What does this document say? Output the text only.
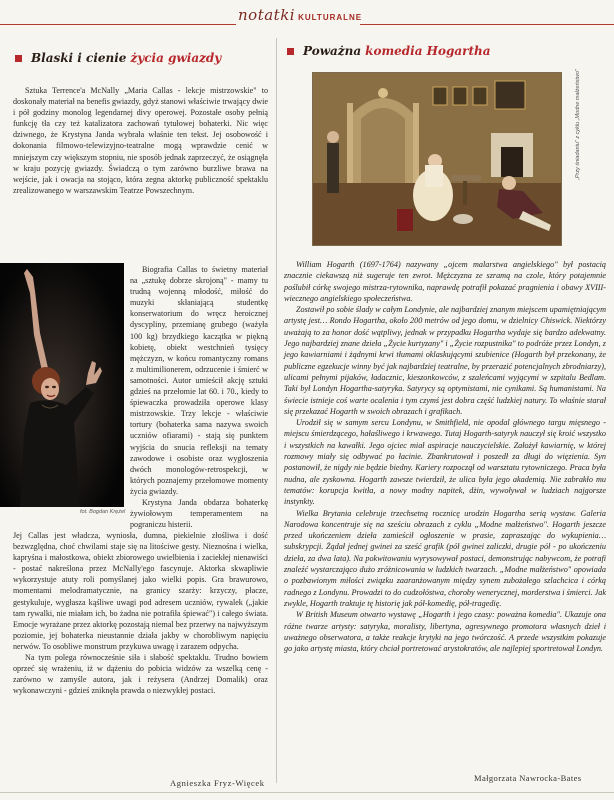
notatki KULTURALNE
Blaski i cienie życia gwiazdy

Sztuka Terrence'a McNally „Maria Callas - lekcje mistrzowskie" to doskonały materiał na benefis gwiazdy, gdyż stanowi właściwie trwający dwie i pół godziny monolog legendarnej divy operowej. Pozostałe osoby pełnią funkcję tła czy też katalizatora zachowań tytułowej bohaterki. Nic więc dziwnego, że Krystyna Janda wybrała właśnie ten tekst. Jej osobowość i dokonania filmowo-telewizyjno-teatralne mogą wprawdzie cenić w mniejszym czy większym stopniu, nie sposób jednak zaprzeczyć, że osiągnęła w kraju pozycję gwiazdy. Świadczą o tym zarówno burzliwe brawa na wejście, jak i owacja na stojąco, która zegna aktorkę publiczność spektaklu zrealizowanego w warszawskim Teatrze Powszechnym.

fot. Bogdan Krężel

Biografia Callas to świetny materiał na „sztukę dobrze skrojoną" - mamy tu trudną wojenną młodość, miłość do muzyki skłaniającą studentkę konserwatorium do wręcz heroicznej dyscypliny, przemianę grubego (ważyła 100 kg) brzydkiego kaczątka w piękną kobietę, obiekt westchnień tysięcy mężczyzn, w końcu romantyczny romans z multimilionerem, odrzucenie i śmierć w samotności. Autor umieścił akcję sztuki gdzieś na przełomie lat 60. i 70., kiedy to śpiewaczka prowadziła operowe klasy mistrzowskie. Trzy lekcje - właściwie tortury (bohaterka sama nazywa swoich uczniów ofiarami) - stają się punktem wyjścia do snucia refleksji na tematy zawodowe i osobiste oraz wygłoszenia dwóch monologów-retrospekcji, w których poznajemy przełomowe momenty życia gwiazdy.

Krystyna Janda obdarza bohaterkę żywiołowym temperamentem na pograniczu histerii.

Jej Callas jest władcza, wyniosła, dumna, piekielnie złośliwa i dość bezwzględna, choć chwilami staje się na litościwe gesty. Nieznośna i wielka, kapryśna i małostkowa, obiekt zbiorowego uwielbienia i zaciekłej nienawiści - postać nakreślona przez McNally'ego fascynuje. Aktorka skwapliwie wykorzystuje atuty roli pomyślanej jako wielki popis. Gra brawurowo, momentami melodramatycznie, na granicy szarży: krzyczy, płacze, gestykuluje, wygłasza kąśliwe uwagi pod adresem uczniów, rywalek („jakie tam rywalki, nie miałam ich, bo żadna nie potrafiła śpiewać") i całego świata. Emocje wyrażane przez aktorkę pozostają niemal bez przerwy na najwyższym poziomie, jej bohaterka nieustannie działa jakby w chorobliwym napięciu nerwów. To osobliwe monstrum przykuwa uwagę i zarazem odpycha.

Na tym polega równocześnie siła i słabość spektaklu. Trudno bowiem oprzeć się wrażeniu, iż w dążeniu do pobicia widzów za wszelką cenę - zarówno w zamyśle autora, jak i reżysera (Andrzej Domalik) oraz wykonawczyni - gdzieś zniknęła prawda o niezwykłej postaci.

Agnieszka Fryz-Więcek
Poważna komedia Hogartha
„Przy śniadaniu" z cyklu „Modne małżeństwo"

William Hogarth (1697-1764) nazywany „ojcem malarstwa angielskiego" był postacią znacznie ciekawszą niż sugeruje ten zwrot. Mężczyzna ze szramą na czole, który potajemnie poślubił córkę swojego mistrza-rytownika, naprawdę potrafił pokazać pragnienia i obawy XVIII-wiecznego angielskiego społeczeństwa.

Zostawił po sobie ślady w całym Londynie, ale najbardziej znanym miejscem upamiętniającym artystę jest… Rondo Hogartha, około 200 metrów od jego domu, w dzielnicy Chiswick. Niektórzy uważają to za honor dość wątpliwy, jednak w przypadku Hogartha wydaje się bardzo adekwatny. Jego najbardziej znane dzieła „Życie kurtyzany" i „Życie rozpustnika" to podróże przez Londyn, z jego kawiarniami i żądnymi krwi tłumami oklaskującymi szubienice (Hogarth był przekonany, że publiczne egzekucje winny być jak najbardziej teatralne, by przerazić potencjalnych zbrodniarzy), ulicami pełnymi pijaków, ładacznic, kieszonkowców, z szaleńcami wyjącymi w szpitalu Bedlam. Taki był Londyn Hogartha-satyryka. Satyrycy są optymistami, nie cynikami. Są humanistami. Na świecie istnieje coś warte ocalenia i tym czymś jest dobra część ludzkiej natury. To właśnie starał się przekazać Hogarth w swoich obrazach i grafikach.

Urodził się w samym sercu Londynu, w Smithfield, nie opodal głównego targu mięsnego - miejscu śmierdzącego, hałaśliwego i krwawego. Tutaj Hogarth-satyryk nauczył się kroić wszystko i wszystkich na kawałki. Jego ojciec miał aspiracje nauczycielskie. Założył kawiarnię, w której rozmowy miały się odbywać po łacinie. Zbankrutował i poszedł za długi do więzienia. Syn postanowił, że nigdy nie będzie biedny. Kariery rozpoczął od warsztatu rytowniczego. Praca była nudna, ale zyskowna. Hogarth zawsze twierdził, że ulica była jego akademią. Nie zabrakło mu tematów: korupcja kwitła, a nowy modny napitek, dżin, wywoływał w ludziach najgorsze instynkty.

Wielka Brytania celebruje trzechsetną rocznicę urodzin Hogartha serią wystaw. Galeria Narodowa koncentruje się na sześciu obrazach z cyklu „Modne małżeństwo". Hogarth jeszcze przed ukończeniem dzieła zamieścił ogłoszenie w prasie, zapraszając do wykupienia… subskrypcji. Żądał jednej gwinei za sześć grafik (pół gwinei zaliczki, drugie pół - po ukończeniu dzieła, za dwa lata). Na pokwitowaniu wyrysowywał postaci, demonstrując nabywcom, że potrafi znaleźć wystarczająco dużo zróżnicowania w ludzkich twarzach. „Modne małżeństwo" opowiada o pozbawionym miłości związku zaaranżowanym między synem zubożałego szlachcica i córką radnego z Londynu. Prowadzi to do cudzołóstwa, choroby wenerycznej, morderstwa i śmierci. Jak zwykle, Hogarth traktuje tę historię jak pół-komedię, pół-tragedię.

W British Museum otwarto wystawę „Hogarth i jego czasy: poważna komedia". Ukazuje ona różne twarze artysty: satyryka, moralisty, libertyna, agresywnego promotora własnych dzieł i uważnego obserwatora, a także reakcje krytyki na jego twórczość. A przede wszystkim pokazuje go jako artystę miasta, który chciał portretować arystokratów, ale najlepiej sportretował Londyn.

Małgorzata Nawrocka-Bates
